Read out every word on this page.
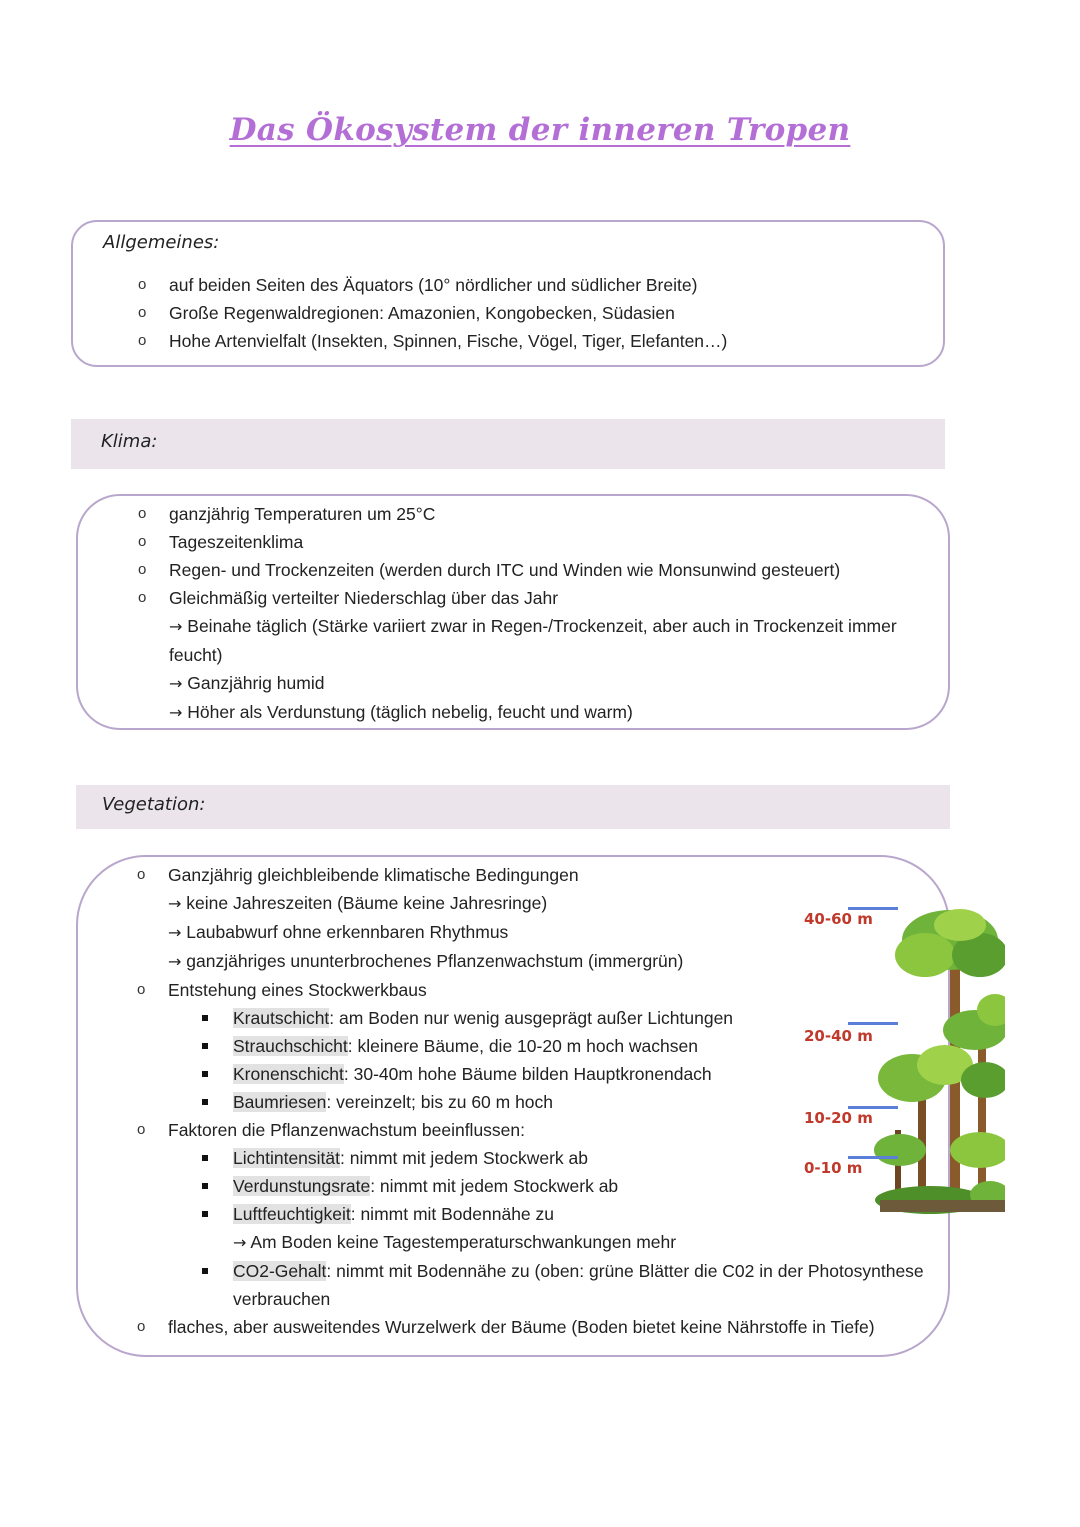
Das Ökosystem der inneren Tropen
Allgemeines:
o auf beiden Seiten des Äquators (10° nördlicher und südlicher Breite)
o Große Regenwaldregionen: Amazonien, Kongobecken, Südasien
o Hohe Artenvielfalt (Insekten, Spinnen, Fische, Vögel, Tiger, Elefanten…)
Klima:
o ganzjährig Temperaturen um 25°C
o Tageszeitenklima
o Regen- und Trockenzeiten (werden durch ITC und Winden wie Monsunwind gesteuert)
o Gleichmäßig verteilter Niederschlag über das Jahr
→ Beinahe täglich (Stärke variiert zwar in Regen-/Trockenzeit, aber auch in Trockenzeit immer
feucht)
→ Ganzjährig humid
→ Höher als Verdunstung (täglich nebelig, feucht und warm)
Vegetation:
o Ganzjährig gleichbleibende klimatische Bedingungen
→ keine Jahreszeiten (Bäume keine Jahresringe)
→ Laubabwurf ohne erkennbaren Rhythmus
→ ganzjähriges ununterbrochenes Pflanzenwachstum (immergrün)
o Entstehung eines Stockwerkbaus
Krautschicht: am Boden nur wenig ausgeprägt außer Lichtungen
Strauchschicht: kleinere Bäume, die 10-20 m hoch wachsen
Kronenschicht: 30-40m hohe Bäume bilden Hauptkronendach
Baumriesen: vereinzelt; bis zu 60 m hoch
o Faktoren die Pflanzenwachstum beeinflussen:
Lichtintensität: nimmt mit jedem Stockwerk ab
Verdunstungsrate: nimmt mit jedem Stockwerk ab
Luftfeuchtigkeit: nimmt mit Bodennähe zu
→ Am Boden keine Tagestemperaturschwankungen mehr
CO2-Gehalt: nimmt mit Bodennähe zu (oben: grüne Blätter die C02 in der Photosynthese
verbrauchen
o flaches, aber ausweitendes Wurzelwerk der Bäume (Boden bietet keine Nährstoffe in Tiefe)
40-60 m
20-40 m
10-20 m
0-10 m
